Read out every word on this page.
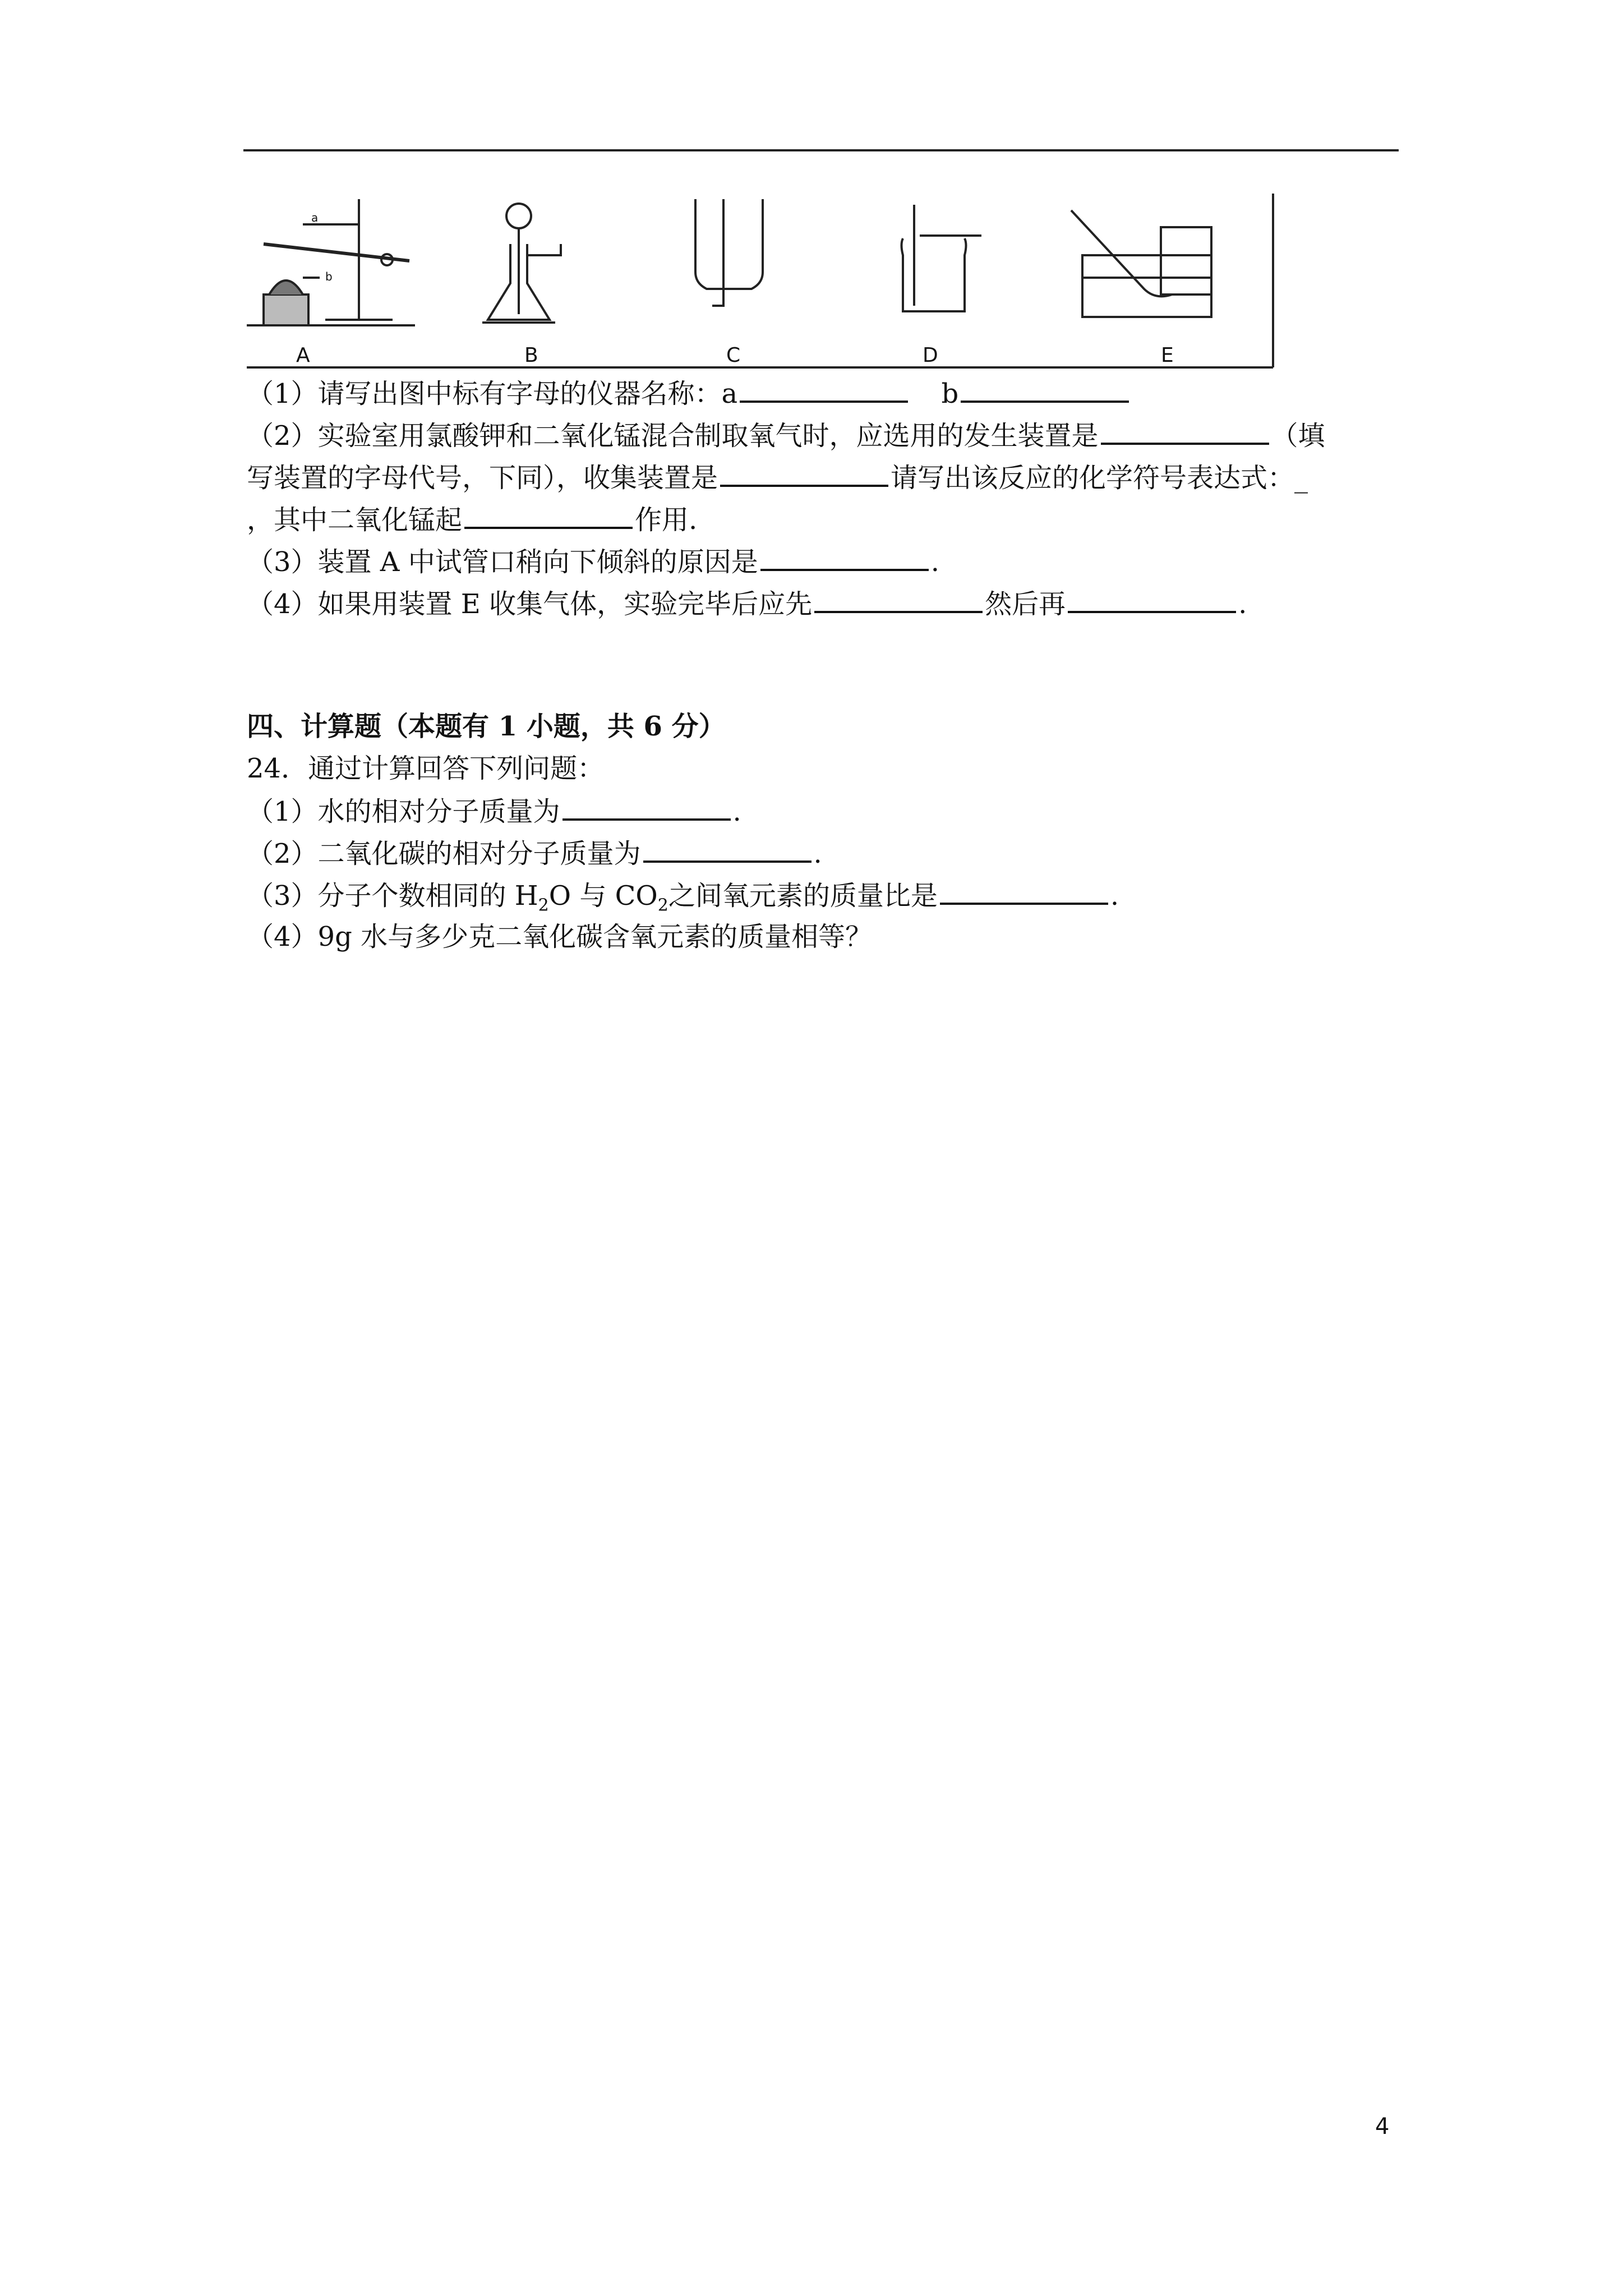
A	B	C	D	E
a
b
（1）请写出图中标有字母的仪器名称：a	b
（2）实验室用氯酸钾和二氧化锰混合制取氧气时，应选用的发生装置是	（填
写装置的字母代号，下同），收集装置是	请写出该反应的化学符号表达式：_
，其中二氧化锰起	作用.
（3）装置 A 中试管口稍向下倾斜的原因是	.
（4）如果用装置 E 收集气体，实验完毕后应先	然后再	.
四、计算题（本题有 1 小题，共 6 分）
24．通过计算回答下列问题：
（1）水的相对分子质量为	.
（2）二氧化碳的相对分子质量为	.
（3）分子个数相同的 $H_2O$ 与 $CO_2$之间氧元素的质量比是	.
（4）9g 水与多少克二氧化碳含氧元素的质量相等？
4
